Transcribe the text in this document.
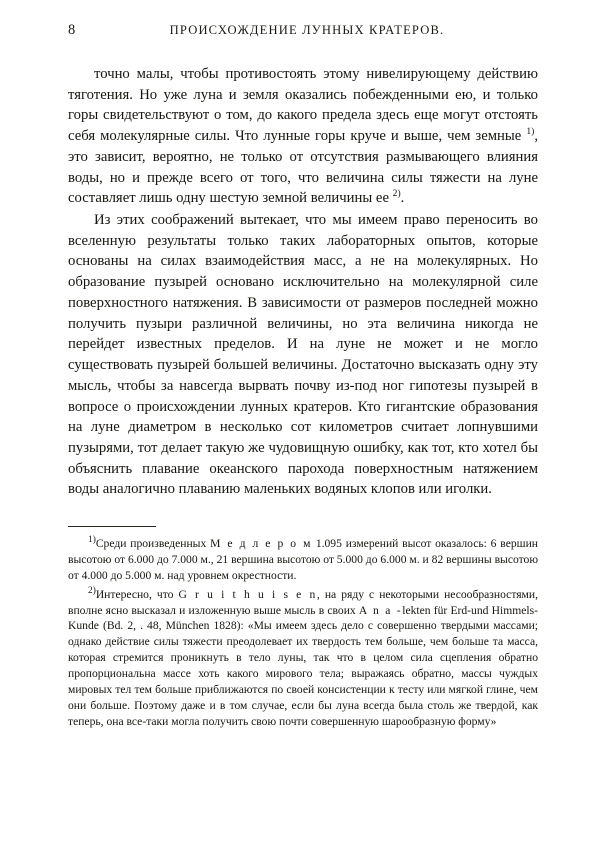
8	ПРОИСХОЖДЕНИЕ ЛУННЫХ КРАТЕРОВ.

точно малы, чтобы противостоять этому нивелирующему действию тяготения. Но уже луна и земля оказались побежденными ею, и только горы свидетельствуют о том, до какого предела здесь еще могут отстоять себя молекулярные силы. Что лунные горы круче и выше, чем земные $^{1)}$, это зависит, вероятно, не только от отсутствия размывающего влияния воды, но и прежде всего от того, что величина силы тяжести на луне составляет лишь одну шестую земной величины ее $^{2)}$.

Из этих соображений вытекает, что мы имеем право переносить во вселенную результаты только таких лабораторных опытов, которые основаны на силах взаимодействия масс, а не на молекулярных. Но образование пузырей основано исключительно на молекулярной силе поверхностного натяжения. В зависимости от размеров последней можно получить пузыри различной величины, но эта величина никогда не перейдет известных пределов. И на луне не может и не могло существовать пузырей большей величины. Достаточно высказать одну эту мысль, чтобы за навсегда вырвать почву из-под ног гипотезы пузырей в вопросе о происхождении лунных кратеров. Кто гигантские образования на луне диаметром в несколько сот километров считает лопнувшими пузырями, тот делает такую же чудовищную ошибку, как тот, кто хотел бы объяснить плавание океанского парохода поверхностным натяжением воды аналогично плаванию маленьких водяных клопов или иголки.

$^{1)}$Среди произведенных М е д л е р о м 1.095 измерений высот оказалось: 6 вершин высотою от 6.000 до 7.000 м., 21 вершина высотою от 5.000 до 6.000 м. и 82 вершины высотою от 4.000 до 5.000 м. над уровнем окрестности.

$^{2)}$Интересно, что G r u i t h u i s e n, на ряду с некоторыми несообразностями, вполне ясно высказал и изложенную выше мысль в своих A n a -lekten für Erd-und Himmels-Kunde (Bd. 2, . 48, München 1828): «Мы имеем здесь дело с совершенно твердыми массами; однако действие силы тяжести преодолевает их твердость тем больше, чем больше та масса, которая стремится проникнуть в тело луны, так что в целом сила сцепления обратно пропорциональна массе хоть какого мирового тела; выражаясь обратно, массы чуждых мировых тел тем больше приближаются по своей консистенции к тесту или мягкой глине, чем они больше. Поэтому даже и в том случае, если бы луна всегда была столь же твердой, как теперь, она все-таки могла получить свою почти совершенную шарообразную форму»
